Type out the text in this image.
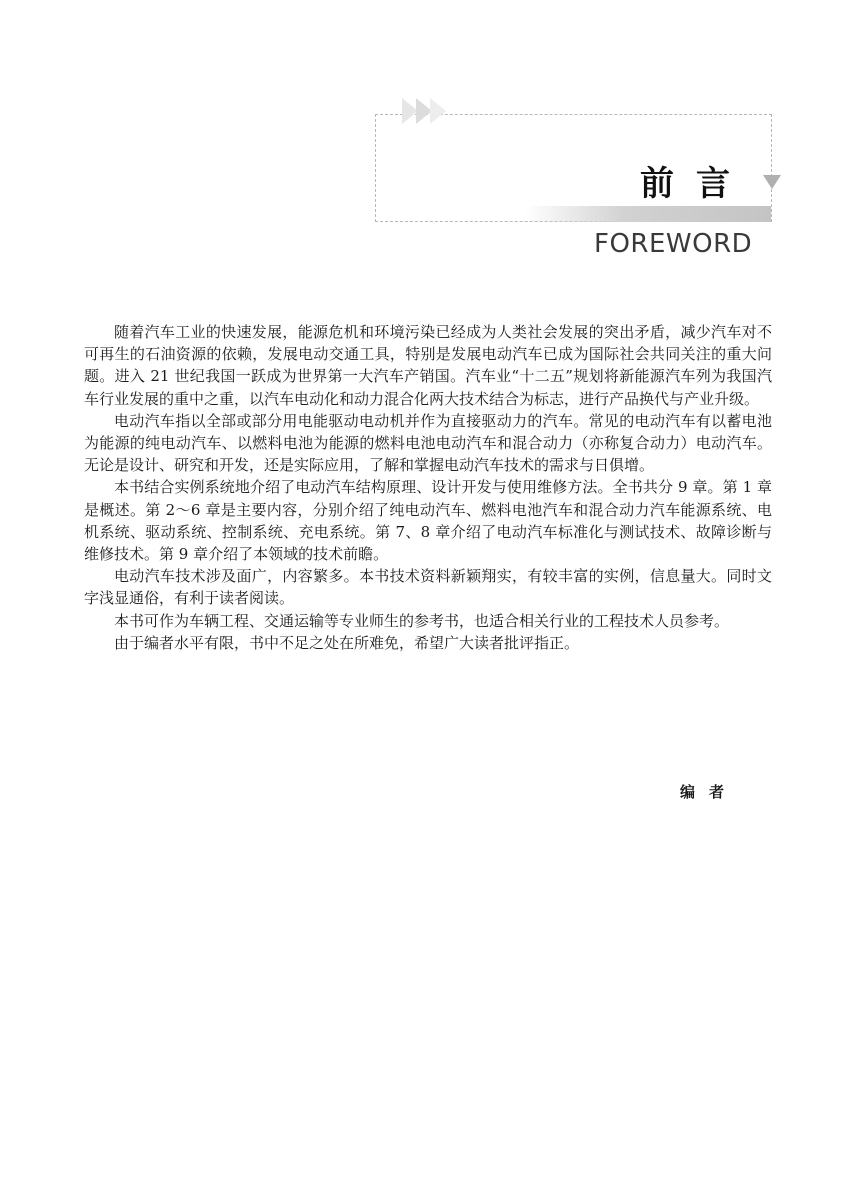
前言
FOREWORD

随着汽车工业的快速发展，能源危机和环境污染已经成为人类社会发展的突出矛盾，减少汽车对不可再生的石油资源的依赖，发展电动交通工具，特别是发展电动汽车已成为国际社会共同关注的重大问题。进入 21 世纪我国一跃成为世界第一大汽车产销国。汽车业“十二五”规划将新能源汽车列为我国汽车行业发展的重中之重，以汽车电动化和动力混合化两大技术结合为标志，进行产品换代与产业升级。

电动汽车指以全部或部分用电能驱动电动机并作为直接驱动力的汽车。常见的电动汽车有以蓄电池为能源的纯电动汽车、以燃料电池为能源的燃料电池电动汽车和混合动力（亦称复合动力）电动汽车。无论是设计、研究和开发，还是实际应用，了解和掌握电动汽车技术的需求与日俱增。

本书结合实例系统地介绍了电动汽车结构原理、设计开发与使用维修方法。全书共分 9 章。第 1 章是概述。第 2～6 章是主要内容，分别介绍了纯电动汽车、燃料电池汽车和混合动力汽车能源系统、电机系统、驱动系统、控制系统、充电系统。第 7、8 章介绍了电动汽车标准化与测试技术、故障诊断与维修技术。第 9 章介绍了本领域的技术前瞻。

电动汽车技术涉及面广，内容繁多。本书技术资料新颖翔实，有较丰富的实例，信息量大。同时文字浅显通俗，有利于读者阅读。

本书可作为车辆工程、交通运输等专业师生的参考书，也适合相关行业的工程技术人员参考。

由于编者水平有限，书中不足之处在所难免，希望广大读者批评指正。

编者
